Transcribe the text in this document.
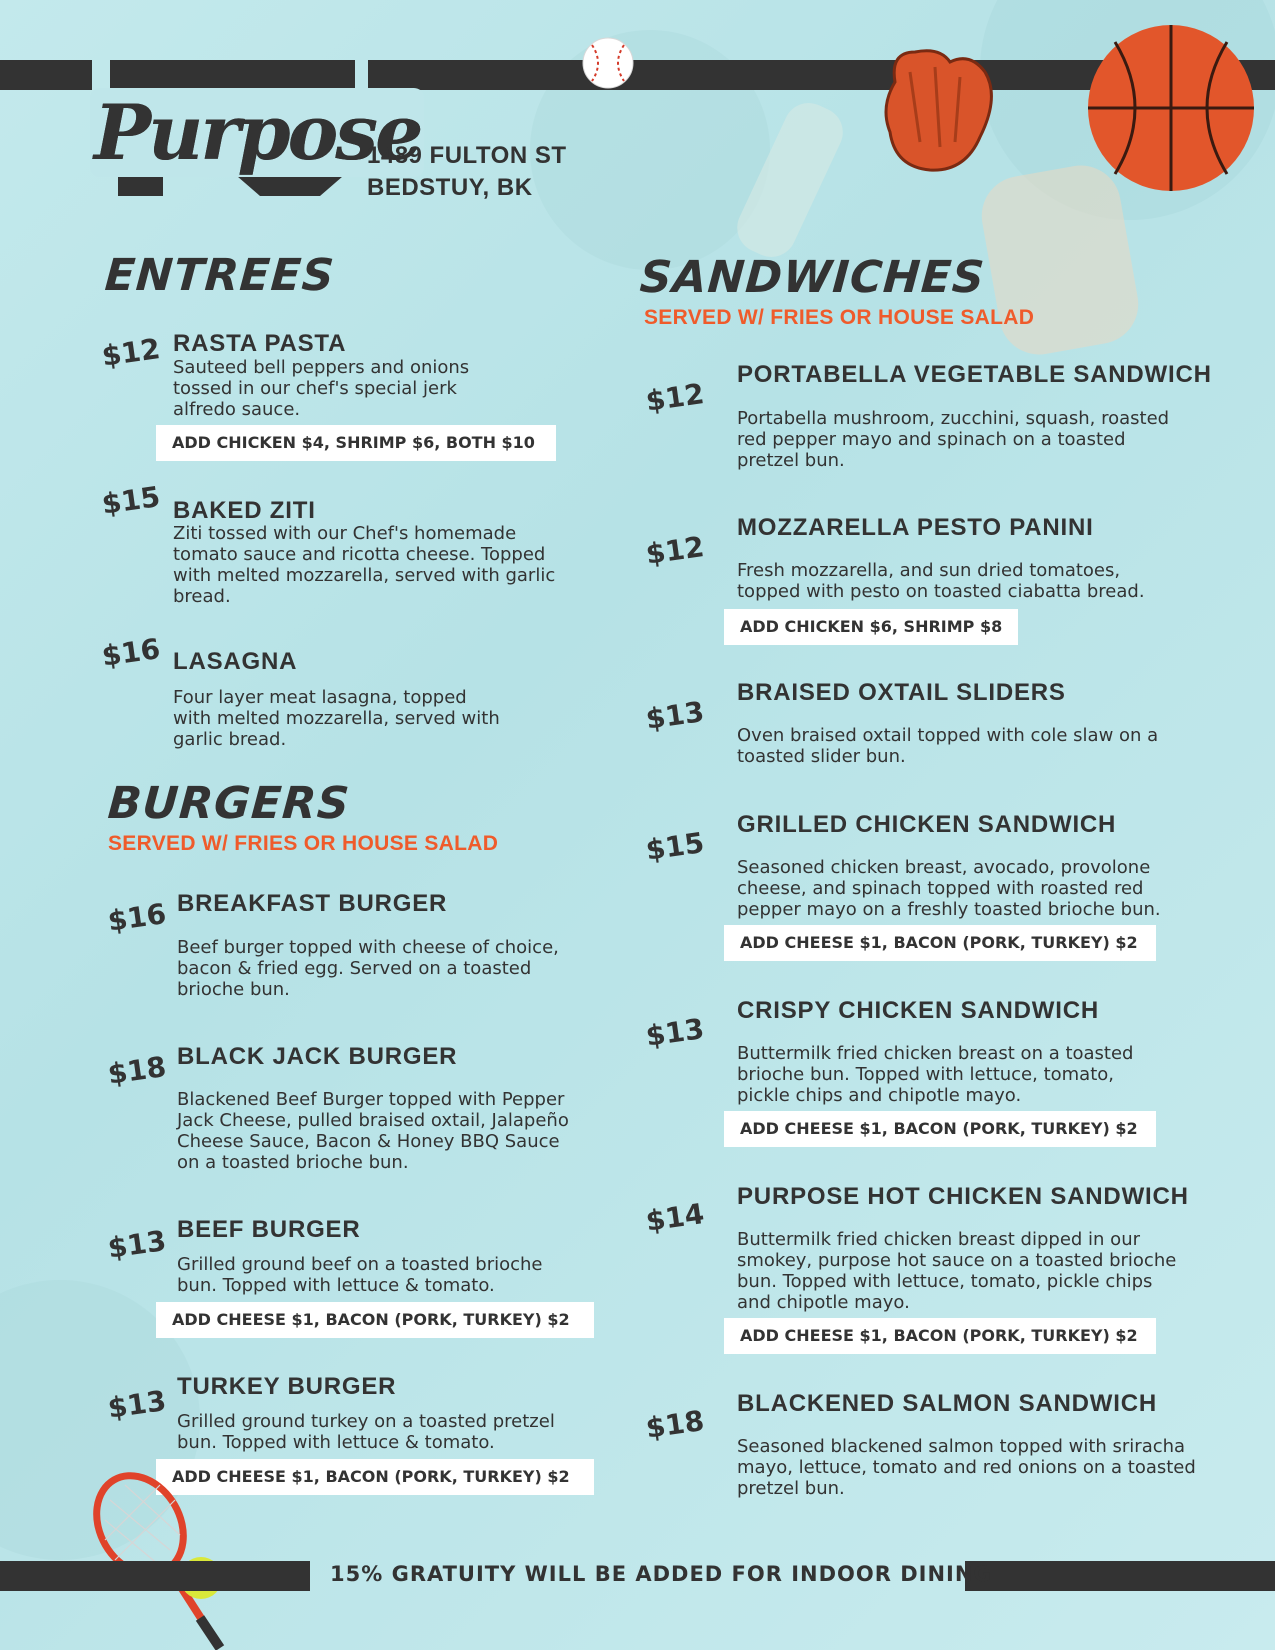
Purpose
1489 FULTON ST
BEDSTUY, BK
ENTREES
$12 RASTA PASTA
Sauteed bell peppers and onions tossed in our chef's special jerk alfredo sauce.
ADD CHICKEN $4, SHRIMP $6, BOTH $10
$15 BAKED ZITI
Ziti tossed with our Chef's homemade tomato sauce and ricotta cheese. Topped with melted mozzarella, served with garlic bread.
$16 LASAGNA
Four layer meat lasagna, topped with melted mozzarella, served with garlic bread.
BURGERS
SERVED W/ FRIES OR HOUSE SALAD
$16 BREAKFAST BURGER
Beef burger topped with cheese of choice, bacon & fried egg. Served on a toasted brioche bun.
$18 BLACK JACK BURGER
Blackened Beef Burger topped with Pepper Jack Cheese, pulled braised oxtail, Jalapeño Cheese Sauce, Bacon & Honey BBQ Sauce on a toasted brioche bun.
$13 BEEF BURGER
Grilled ground beef on a toasted brioche bun. Topped with lettuce & tomato.
ADD CHEESE $1, BACON (PORK, TURKEY) $2
$13 TURKEY BURGER
Grilled ground turkey on a toasted pretzel bun. Topped with lettuce & tomato.
ADD CHEESE $1, BACON (PORK, TURKEY) $2
SANDWICHES
SERVED W/ FRIES OR HOUSE SALAD
$12
PORTABELLA VEGETABLE SANDWICH
Portabella mushroom, zucchini, squash, roasted red pepper mayo and spinach on a toasted pretzel bun.
$12
MOZZARELLA PESTO PANINI
Fresh mozzarella, and sun dried tomatoes, topped with pesto on toasted ciabatta bread.
ADD CHICKEN $6, SHRIMP $8
$13
BRAISED OXTAIL SLIDERS
Oven braised oxtail topped with cole slaw on a toasted slider bun.
$15
GRILLED CHICKEN SANDWICH
Seasoned chicken breast, avocado, provolone cheese, and spinach topped with roasted red pepper mayo on a freshly toasted brioche bun.
ADD CHEESE $1, BACON (PORK, TURKEY) $2
$13
CRISPY CHICKEN SANDWICH
Buttermilk fried chicken breast on a toasted brioche bun. Topped with lettuce, tomato, pickle chips and chipotle mayo.
ADD CHEESE $1, BACON (PORK, TURKEY) $2
$14
PURPOSE HOT CHICKEN SANDWICH
Buttermilk fried chicken breast dipped in our smokey, purpose hot sauce on a toasted brioche bun. Topped with lettuce, tomato, pickle chips and chipotle mayo.
ADD CHEESE $1, BACON (PORK, TURKEY) $2
$18
BLACKENED SALMON SANDWICH
Seasoned blackened salmon topped with sriracha mayo, lettuce, tomato and red onions on a toasted pretzel bun.
15% GRATUITY WILL BE ADDED FOR INDOOR DINING
